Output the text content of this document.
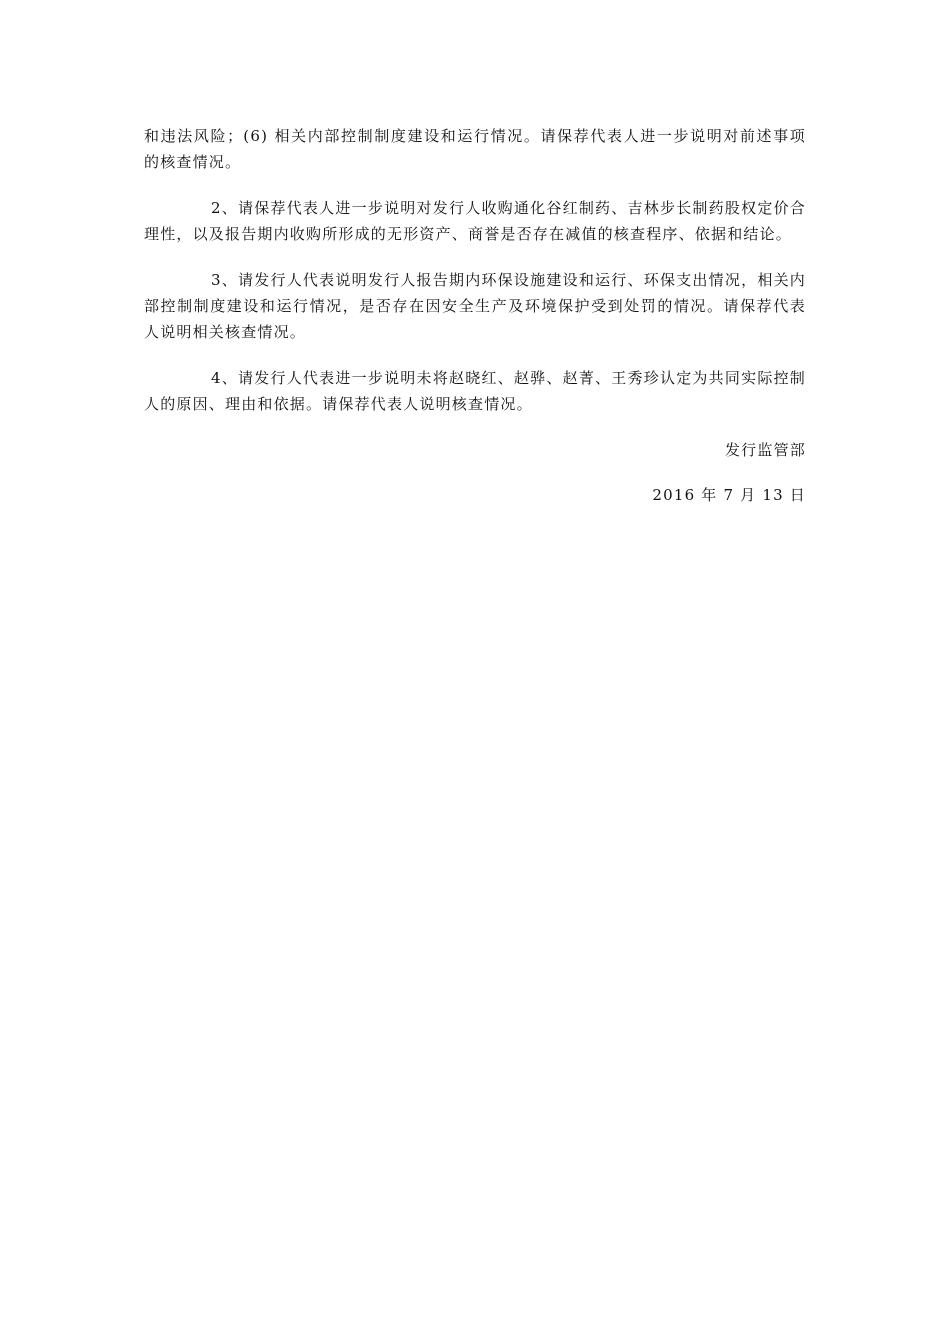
和违法风险；(6) 相关内部控制制度建设和运行情况。请保荐代表人进一步说明对前述事项的核查情况。

2、请保荐代表人进一步说明对发行人收购通化谷红制药、吉林步长制药股权定价合理性，以及报告期内收购所形成的无形资产、商誉是否存在减值的核查程序、依据和结论。

3、请发行人代表说明发行人报告期内环保设施建设和运行、环保支出情况，相关内部控制制度建设和运行情况，是否存在因安全生产及环境保护受到处罚的情况。请保荐代表人说明相关核查情况。

4、请发行人代表进一步说明未将赵晓红、赵骅、赵菁、王秀珍认定为共同实际控制人的原因、理由和依据。请保荐代表人说明核查情况。

发行监管部

2016 年 7 月 13 日
